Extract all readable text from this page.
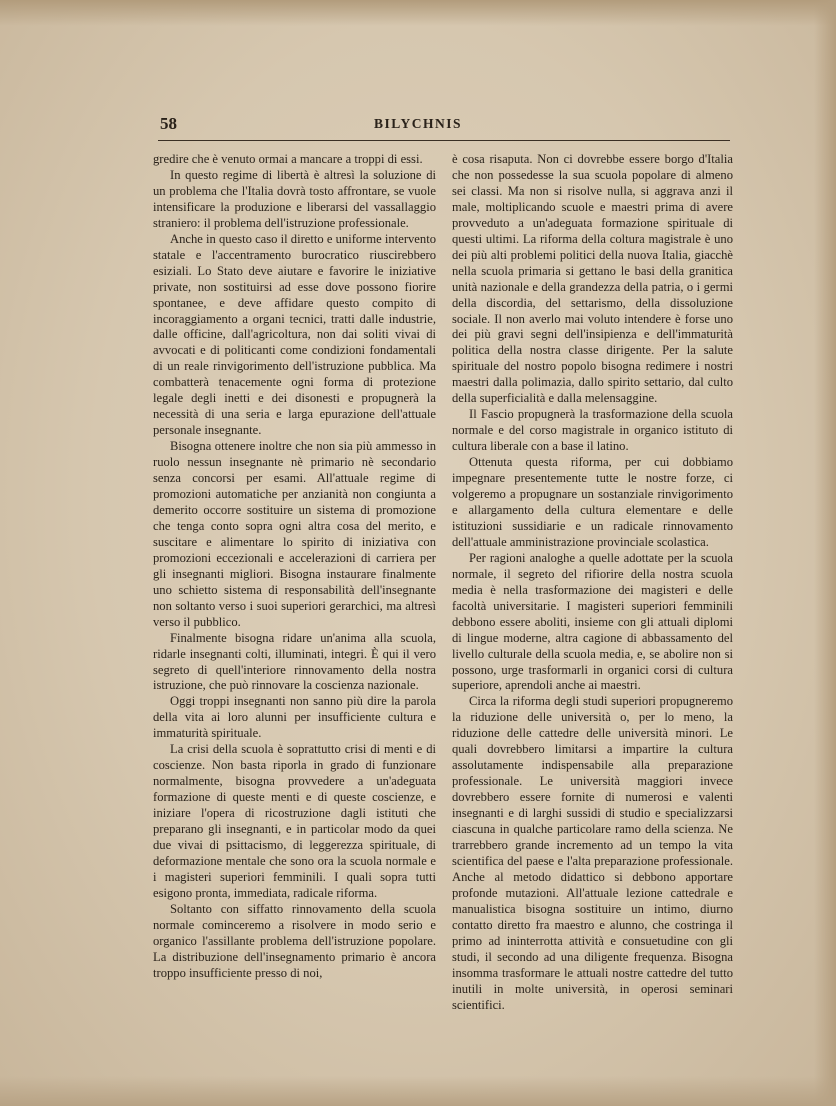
58	BILYCHNIS

gredire che è venuto ormai a mancare a troppi di essi.

In questo regime di libertà è altresì la soluzione di un problema che l'Italia dovrà tosto affrontare, se vuole intensificare la produzione e liberarsi del vassallaggio straniero: il problema dell'istruzione professionale.

Anche in questo caso il diretto e uniforme intervento statale e l'accentramento burocratico riuscirebbero esiziali. Lo Stato deve aiutare e favorire le iniziative private, non sostituirsi ad esse dove possono fiorire spontanee, e deve affidare questo compito di incoraggiamento a organi tecnici, tratti dalle industrie, dalle officine, dall'agricoltura, non dai soliti vivai di avvocati e di politicanti come condizioni fondamentali di un reale rinvigorimento dell'istruzione pubblica. Ma combatterà tenacemente ogni forma di protezione legale degli inetti e dei disonesti e propugnerà la necessità di una seria e larga epurazione dell'attuale personale insegnante.

Bisogna ottenere inoltre che non sia più ammesso in ruolo nessun insegnante nè primario nè secondario senza concorsi per esami. All'attuale regime di promozioni automatiche per anzianità non congiunta a demerito occorre sostituire un sistema di promozione che tenga conto sopra ogni altra cosa del merito, e suscitare e alimentare lo spirito di iniziativa con promozioni eccezionali e accelerazioni di carriera per gli insegnanti migliori. Bisogna instaurare finalmente uno schietto sistema di responsabilità dell'insegnante non soltanto verso i suoi superiori gerarchici, ma altresì verso il pubblico.

Finalmente bisogna ridare un'anima alla scuola, ridarle insegnanti colti, illuminati, integri. È qui il vero segreto di quell'interiore rinnovamento della nostra istruzione, che può rinnovare la coscienza nazionale.

Oggi troppi insegnanti non sanno più dire la parola della vita ai loro alunni per insufficiente cultura e immaturità spirituale.

La crisi della scuola è soprattutto crisi di menti e di coscienze. Non basta riporla in grado di funzionare normalmente, bisogna provvedere a un'adeguata formazione di queste menti e di queste coscienze, e iniziare l'opera di ricostruzione dagli istituti che preparano gli insegnanti, e in particolar modo da quei due vivai di psittacismo, di leggerezza spirituale, di deformazione mentale che sono ora la scuola normale e i magisteri superiori femminili. I quali sopra tutti esigono pronta, immediata, radicale riforma.

Soltanto con siffatto rinnovamento della scuola normale cominceremo a risolvere in modo serio e organico l'assillante problema dell'istruzione popolare. La distribuzione dell'insegnamento primario è ancora troppo insufficiente presso di noi,

è cosa risaputa. Non ci dovrebbe essere borgo d'Italia che non possedesse la sua scuola popolare di almeno sei classi. Ma non si risolve nulla, si aggrava anzi il male, moltiplicando scuole e maestri prima di avere provveduto a un'adeguata formazione spirituale di questi ultimi. La riforma della coltura magistrale è uno dei più alti problemi politici della nuova Italia, giacchè nella scuola primaria si gettano le basi della granitica unità nazionale e della grandezza della patria, o i germi della discordia, del settarismo, della dissoluzione sociale. Il non averlo mai voluto intendere è forse uno dei più gravi segni dell'insipienza e dell'immaturità politica della nostra classe dirigente. Per la salute spirituale del nostro popolo bisogna redimere i nostri maestri dalla polimazia, dallo spirito settario, dal culto della superficialità e dalla melensaggine.

Il Fascio propugnerà la trasformazione della scuola normale e del corso magistrale in organico istituto di cultura liberale con a base il latino.

Ottenuta questa riforma, per cui dobbiamo impegnare presentemente tutte le nostre forze, ci volgeremo a propugnare un sostanziale rinvigorimento e allargamento della cultura elementare e delle istituzioni sussidiarie e un radicale rinnovamento dell'attuale amministrazione provinciale scolastica.

Per ragioni analoghe a quelle adottate per la scuola normale, il segreto del rifiorire della nostra scuola media è nella trasformazione dei magisteri e delle facoltà universitarie. I magisteri superiori femminili debbono essere aboliti, insieme con gli attuali diplomi di lingue moderne, altra cagione di abbassamento del livello culturale della scuola media, e, se abolire non si possono, urge trasformarli in organici corsi di cultura superiore, aprendoli anche ai maestri.

Circa la riforma degli studi superiori propugneremo la riduzione delle università o, per lo meno, la riduzione delle cattedre delle università minori. Le quali dovrebbero limitarsi a impartire la cultura assolutamente indispensabile alla preparazione professionale. Le università maggiori invece dovrebbero essere fornite di numerosi e valenti insegnanti e di larghi sussidi di studio e specializzarsi ciascuna in qualche particolare ramo della scienza. Ne trarrebbero grande incremento ad un tempo la vita scientifica del paese e l'alta preparazione professionale. Anche al metodo didattico si debbono apportare profonde mutazioni. All'attuale lezione cattedrale e manualistica bisogna sostituire un intimo, diurno contatto diretto fra maestro e alunno, che costringa il primo ad ininterrotta attività e consuetudine con gli studi, il secondo ad una diligente frequenza. Bisogna insomma trasformare le attuali nostre cattedre del tutto inutili in molte università, in operosi seminari scientifici.
